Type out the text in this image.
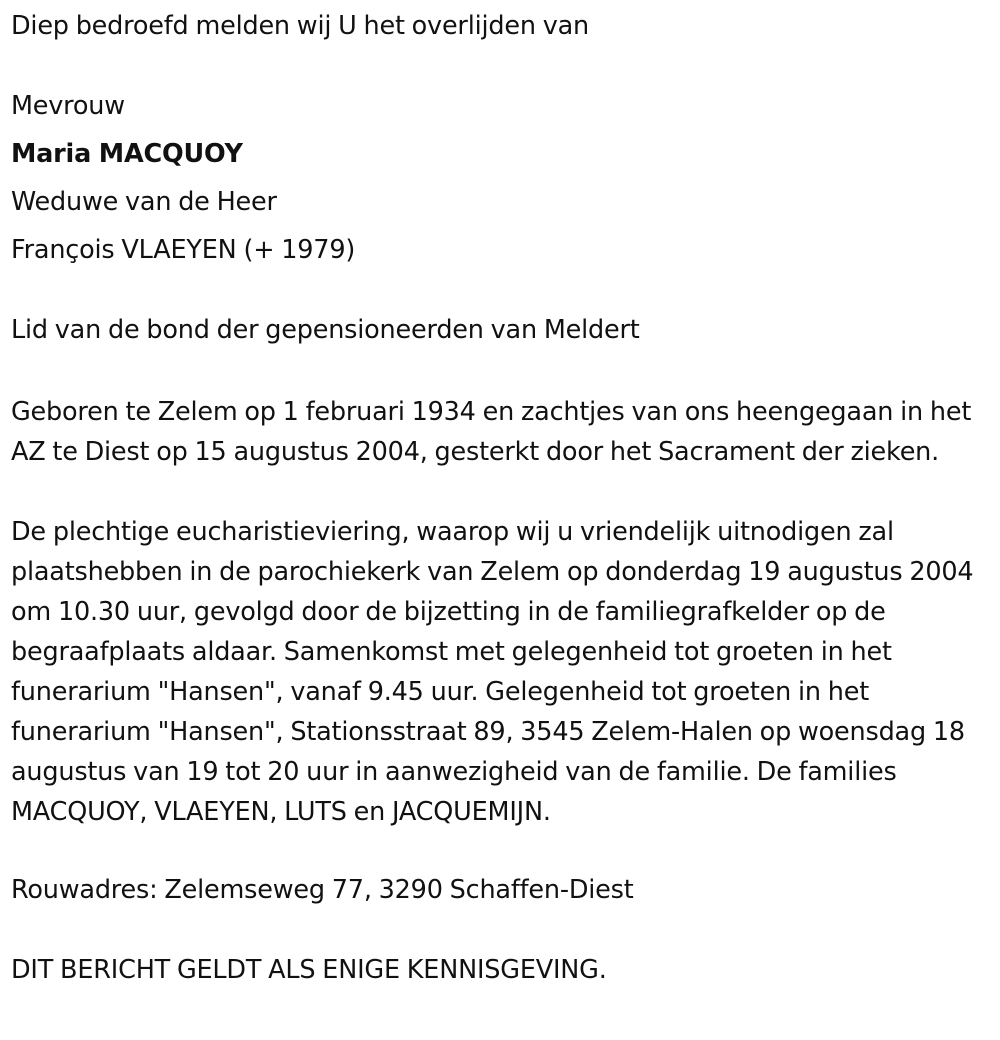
Diep bedroefd melden wij U het overlijden van
Mevrouw
Maria MACQUOY
Weduwe van de Heer
François VLAEYEN (+ 1979)
Lid van de bond der gepensioneerden van Meldert

Geboren te Zelem op 1 februari 1934 en zachtjes van ons heengegaan in het AZ te Diest op 15 augustus 2004, gesterkt door het Sacrament der zieken.

De plechtige eucharistieviering, waarop wij u vriendelijk uitnodigen zal plaatshebben in de parochiekerk van Zelem op donderdag 19 augustus 2004 om 10.30 uur, gevolgd door de bijzetting in de familiegrafkelder op de begraafplaats aldaar. Samenkomst met gelegenheid tot groeten in het funerarium "Hansen", vanaf 9.45 uur. Gelegenheid tot groeten in het funerarium "Hansen", Stationsstraat 89, 3545 Zelem-Halen op woensdag 18 augustus van 19 tot 20 uur in aanwezigheid van de familie. De families MACQUOY, VLAEYEN, LUTS en JACQUEMIJN.

Rouwadres: Zelemseweg 77, 3290 Schaffen-Diest
DIT BERICHT GELDT ALS ENIGE KENNISGEVING.
